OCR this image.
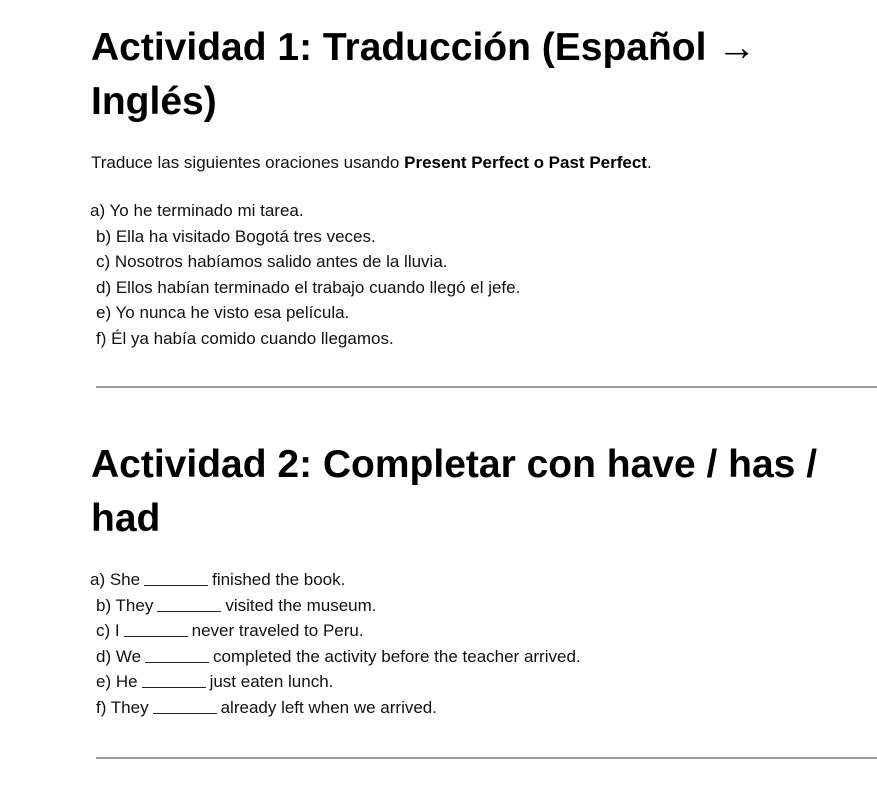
Actividad 1: Traducción (Español →
Inglés)
Traduce las siguientes oraciones usando Present Perfect o Past Perfect.
a) Yo he terminado mi tarea.
b) Ella ha visitado Bogotá tres veces.
c) Nosotros habíamos salido antes de la lluvia.
d) Ellos habían terminado el trabajo cuando llegó el jefe.
e) Yo nunca he visto esa película.
f) Él ya había comido cuando llegamos.
Actividad 2: Completar con have / has /
had
a) She	finished the book.
b) They	visited the museum.
c) I	never traveled to Peru.
d) We	completed the activity before the teacher arrived.
e) He	just eaten lunch.
f) They	already left when we arrived.
